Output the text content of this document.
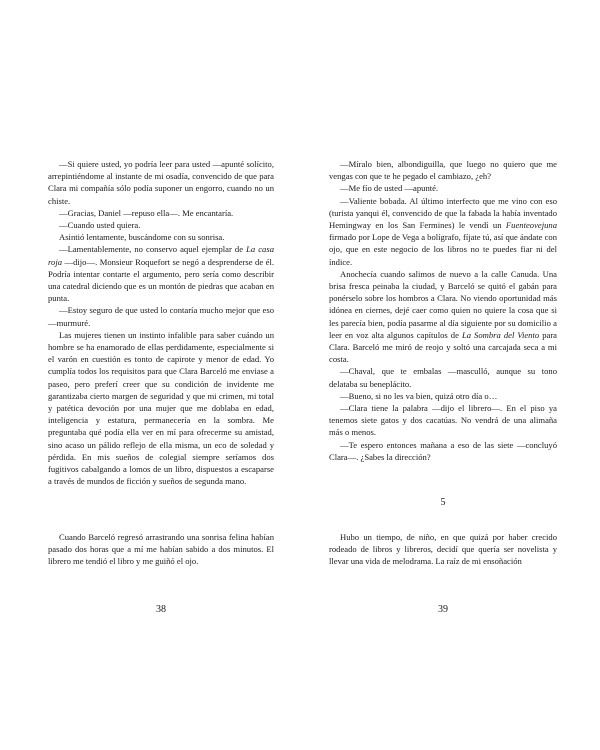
—Si quiere usted, yo podría leer para usted —apunté solícito, arrepintiéndome al instante de mi osadía, convencido de que para Clara mi compañía sólo podía suponer un engorro, cuando no un chiste.

—Gracias, Daniel —repuso ella—. Me encantaría.

—Cuando usted quiera.

Asintió lentamente, buscándome con su sonrisa.

—Lamentablemente, no conservo aquel ejemplar de La casa roja —dijo—. Monsieur Roquefort se negó a desprenderse de él. Podría intentar contarte el argumento, pero sería como describir una catedral diciendo que es un montón de piedras que acaban en punta.

—Estoy seguro de que usted lo contaría mucho mejor que eso —murmuré.

Las mujeres tienen un instinto infalible para saber cuándo un hombre se ha enamorado de ellas perdidamente, especialmente si el varón en cuestión es tonto de capirote y menor de edad. Yo cumplía todos los requisitos para que Clara Barceló me enviase a paseo, pero preferí creer que su condición de invidente me garantizaba cierto margen de seguridad y que mi crimen, mi total y patética devoción por una mujer que me doblaba en edad, inteligencia y estatura, permanecería en la sombra. Me preguntaba qué podía ella ver en mí para ofrecerme su amistad, sino acaso un pálido reflejo de ella misma, un eco de soledad y pérdida. En mis sueños de colegial siempre seríamos dos fugitivos cabalgando a lomos de un libro, dispuestos a escaparse a través de mundos de ficción y sueños de segunda mano.

Cuando Barceló regresó arrastrando una sonrisa felina habían pasado dos horas que a mí me habían sabido a dos minutos. El librero me tendió el libro y me guiñó el ojo.

38

—Míralo bien, albondiguilla, que luego no quiero que me vengas con que te he pegado el cambiazo, ¿eh?

—Me fío de usted —apunté.

—Valiente bobada. Al último interfecto que me vino con eso (turista yanqui él, convencido de que la fabada la había inventado Hemingway en los San Fermines) le vendí un Fuenteovejuna firmado por Lope de Vega a bolígrafo, fíjate tú, así que ándate con ojo, que en este negocio de los libros no te puedes fiar ni del índice.

Anochecía cuando salimos de nuevo a la calle Canuda. Una brisa fresca peinaba la ciudad, y Barceló se quitó el gabán para ponérselo sobre los hombros a Clara. No viendo oportunidad más idónea en ciernes, dejé caer como quien no quiere la cosa que si les parecía bien, podía pasarme al día siguiente por su domicilio a leer en voz alta algunos capítulos de La Sombra del Viento para Clara. Barceló me miró de reojo y soltó una carcajada seca a mi costa.

—Chaval, que te embalas —masculló, aunque su tono delataba su beneplácito.

—Bueno, si no les va bien, quizá otro día o…

—Clara tiene la palabra —dijo el librero—. En el piso ya tenemos siete gatos y dos cacatúas. No vendrá de una alimaña más o menos.

—Te espero entonces mañana a eso de las siete —concluyó Clara—. ¿Sabes la dirección?

5

Hubo un tiempo, de niño, en que quizá por haber crecido rodeado de libros y libreros, decidí que quería ser novelista y llevar una vida de melodrama. La raíz de mi ensoñación

39
